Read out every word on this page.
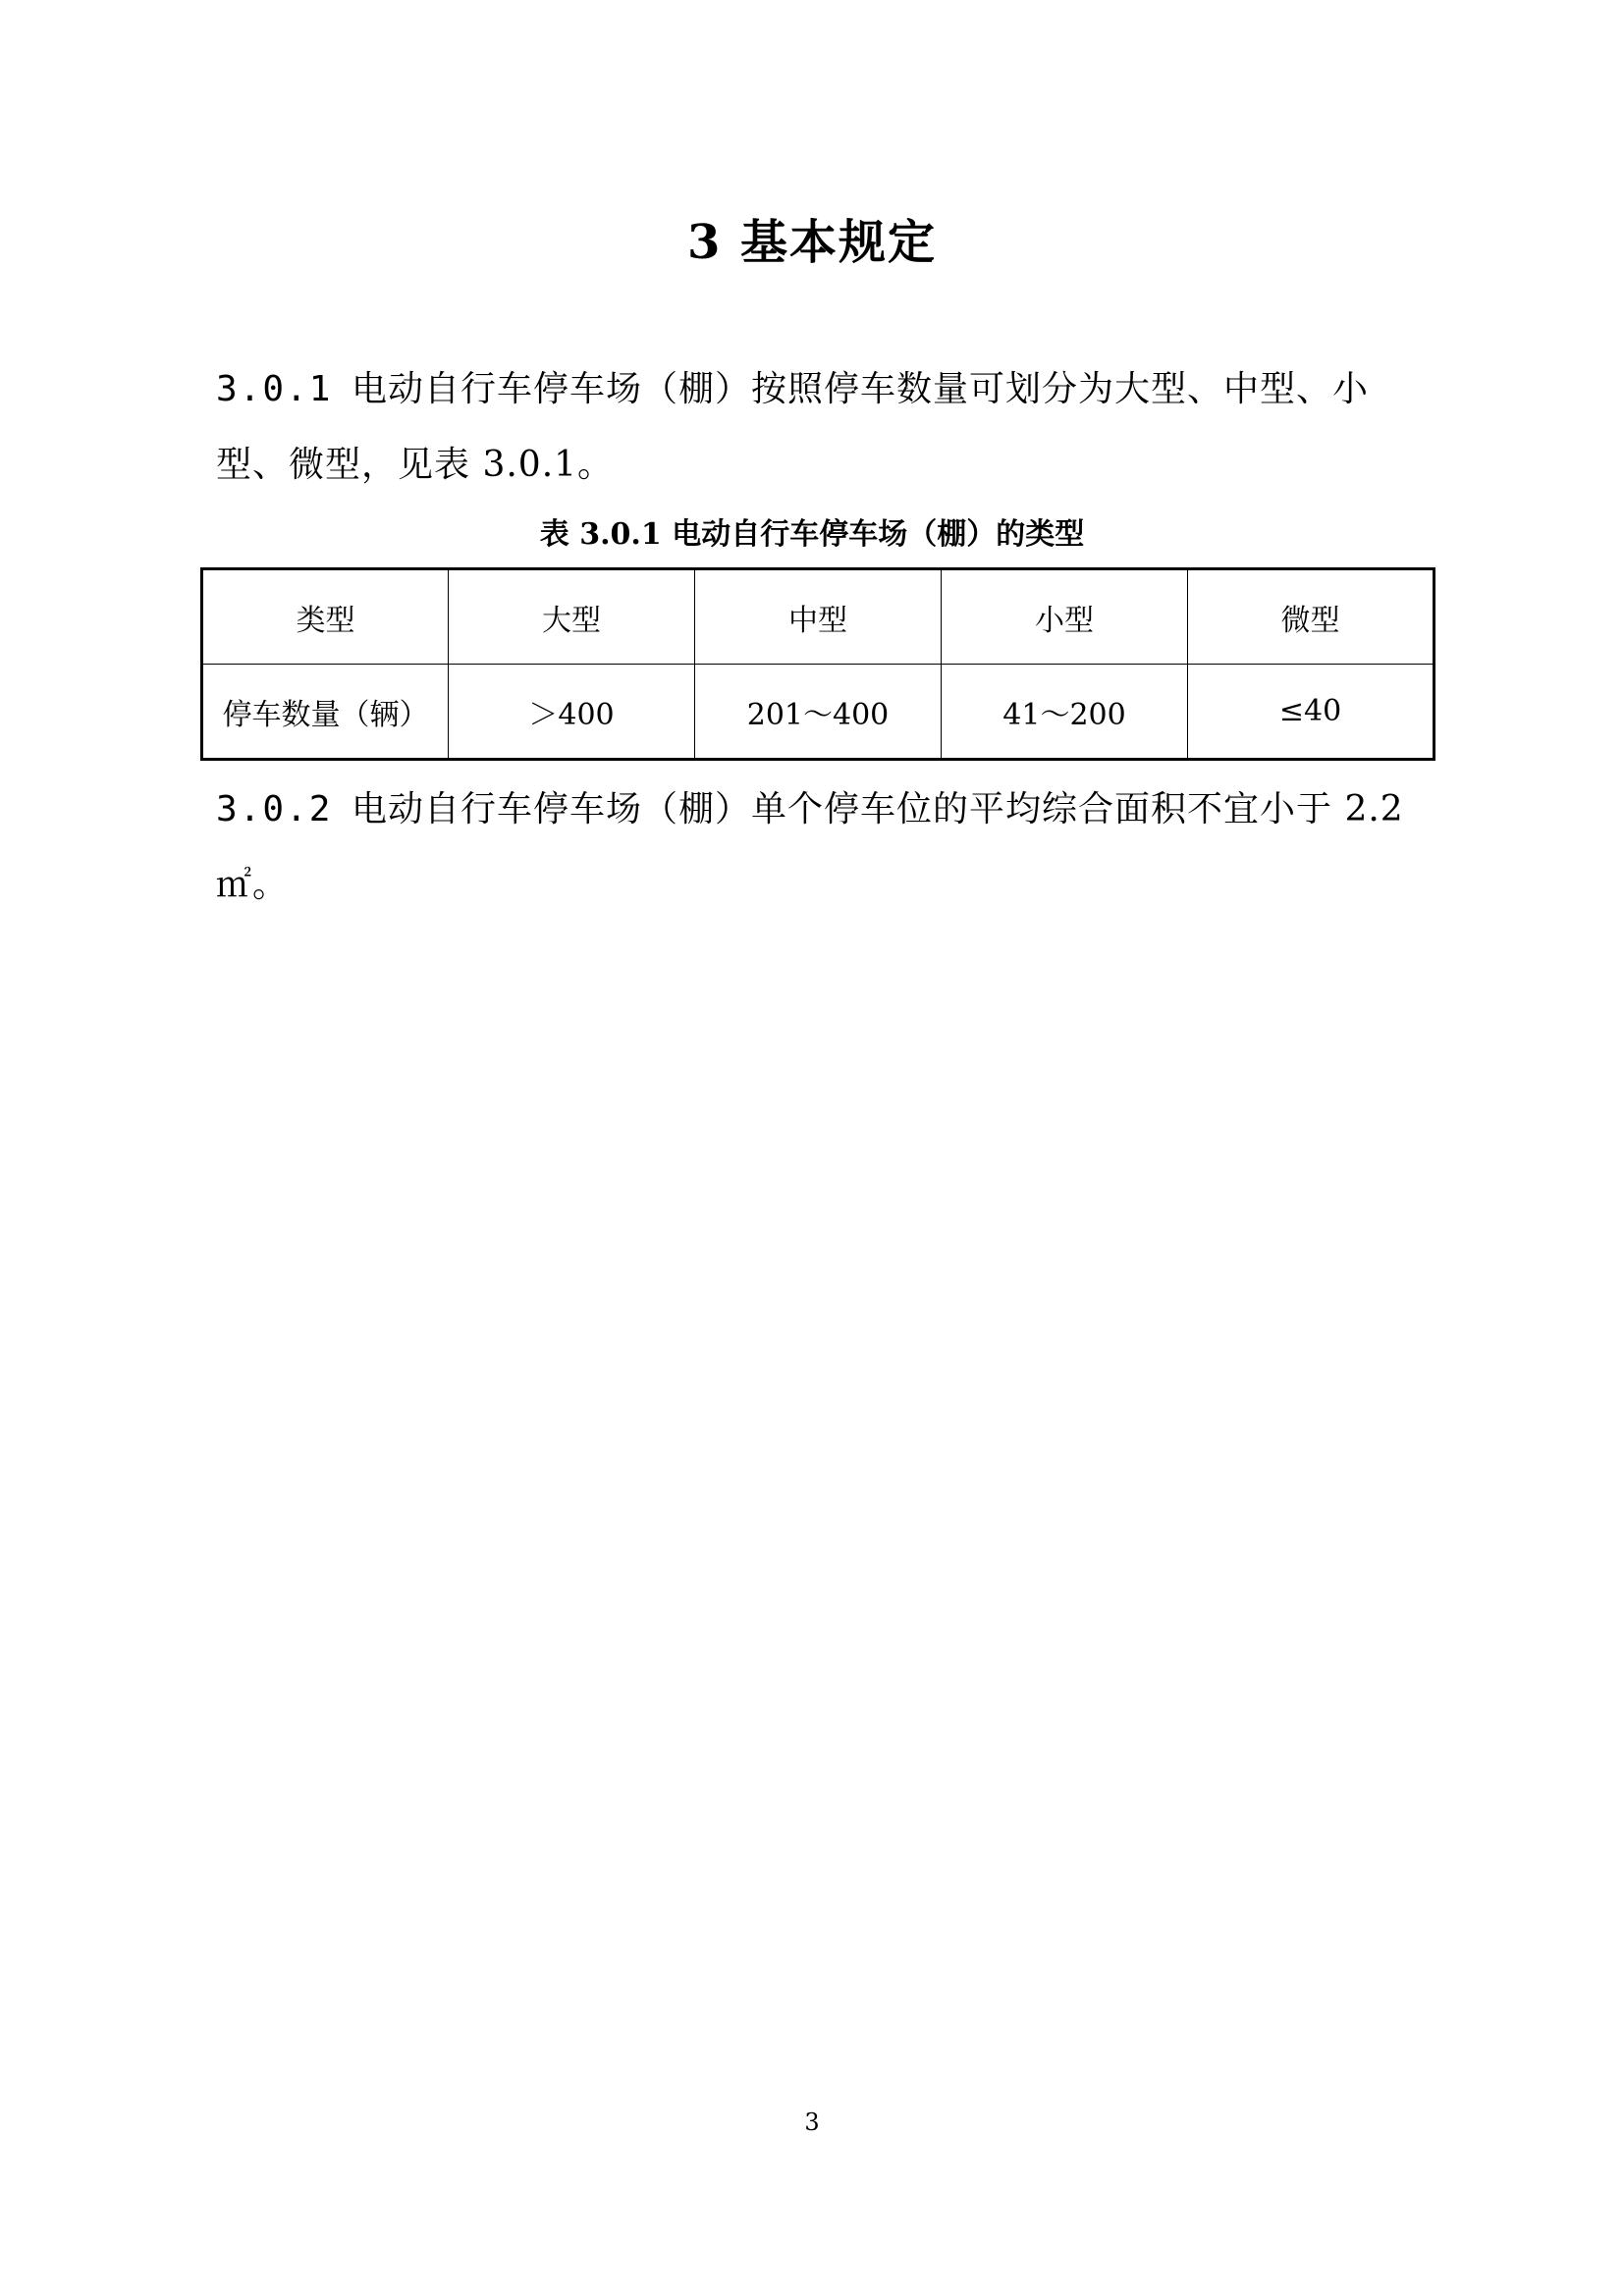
3 基本规定
3.0.1 电动自行车停车场（棚）按照停车数量可划分为大型、中型、小型、微型，见表 3.0.1。
表 3.0.1 电动自行车停车场（棚）的类型
类型	大型	中型	小型	微型
停车数量（辆）	＞400	201～400	41～200	≤40
3.0.2 电动自行车停车场（棚）单个停车位的平均综合面积不宜小于 2.2 ㎡。
3
